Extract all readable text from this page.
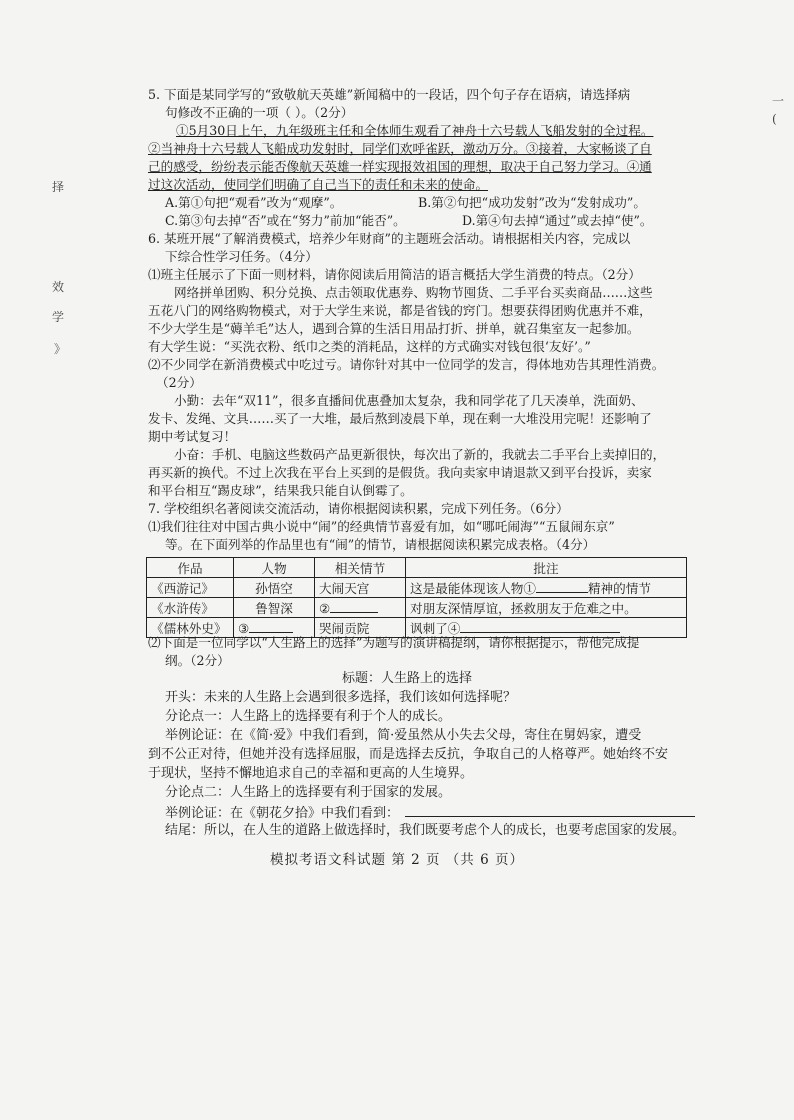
择
效
学
》
(
一
5. 下面是某同学写的“致敬航天英雄”新闻稿中的一段话，四个句子存在语病，请选择病
句修改不正确的一项（ ）。（2分）
①5月30日上午，九年级班主任和全体师生观看了神舟十六号载人飞船发射的全过程。
②当神舟十六号载人飞船成功发射时，同学们欢呼雀跃，激动万分。③接着，大家畅谈了自
己的感受，纷纷表示能否像航天英雄一样实现报效祖国的理想，取决于自己努力学习。④通
过这次活动，使同学们明确了自己当下的责任和未来的使命。
A.第①句把“观看”改为“观摩”。	B.第②句把“成功发射”改为“发射成功”。
C.第③句去掉“否”或在“努力”前加“能否”。	D.第④句去掉“通过”或去掉“使”。
6. 某班开展“了解消费模式，培养少年财商”的主题班会活动。请根据相关内容，完成以
下综合性学习任务。（4分）
⑴班主任展示了下面一则材料，请你阅读后用简洁的语言概括大学生消费的特点。（2分）
网络拼单团购、积分兑换、点击领取优惠券、购物节囤货、二手平台买卖商品……这些
五花八门的网络购物模式，对于大学生来说，都是省钱的窍门。想要获得团购优惠并不难，
不少大学生是“薅羊毛”达人，遇到合算的生活日用品打折、拼单，就召集室友一起参加。
有大学生说：“买洗衣粉、纸巾之类的消耗品，这样的方式确实对钱包很‘友好’。”
⑵不少同学在新消费模式中吃过亏。请你针对其中一位同学的发言，得体地劝告其理性消费。
（2分）
小勤：去年“双11”，很多直播间优惠叠加太复杂，我和同学花了几天凑单，洗面奶、
发卡、发绳、文具……买了一大堆，最后熬到凌晨下单，现在剩一大堆没用完呢！还影响了
期中考试复习！
小奋：手机、电脑这些数码产品更新很快，每次出了新的，我就去二手平台上卖掉旧的，
再买新的换代。不过上次我在平台上买到的是假货。我向卖家申请退款又到平台投诉，卖家
和平台相互“踢皮球”，结果我只能自认倒霉了。
7. 学校组织名著阅读交流活动，请你根据阅读积累，完成下列任务。（6分）
⑴我们往往对中国古典小说中“闹”的经典情节喜爱有加，如“哪吒闹海”“五鼠闹东京”
等。在下面列举的作品里也有“闹”的情节，请根据阅读积累完成表格。（4分）
作品	人物	相关情节	批注
《西游记》	孙悟空	大闹天宫	这是最能体现该人物① 精神的情节
《水浒传》	鲁智深	②	对朋友深情厚谊，拯救朋友于危难之中。
《儒林外史》	③	哭闹贡院	讽刺了④
⑵下面是一位同学以“人生路上的选择”为题写的演讲稿提纲，请你根据提示，帮他完成提
纲。（2分）
标题：人生路上的选择
开头：未来的人生路上会遇到很多选择，我们该如何选择呢？
分论点一：人生路上的选择要有利于个人的成长。
举例论证：在《简·爱》中我们看到，简·爱虽然从小失去父母，寄住在舅妈家，遭受
到不公正对待，但她并没有选择屈服，而是选择去反抗，争取自己的人格尊严。她始终不安
于现状，坚持不懈地追求自己的幸福和更高的人生境界。
分论点二：人生路上的选择要有利于国家的发展。
举例论证：在《朝花夕拾》中我们看到：
结尾：所以，在人生的道路上做选择时，我们既要考虑个人的成长，也要考虑国家的发展。
模拟考语文科试题 第 2 页 （共 6 页）
